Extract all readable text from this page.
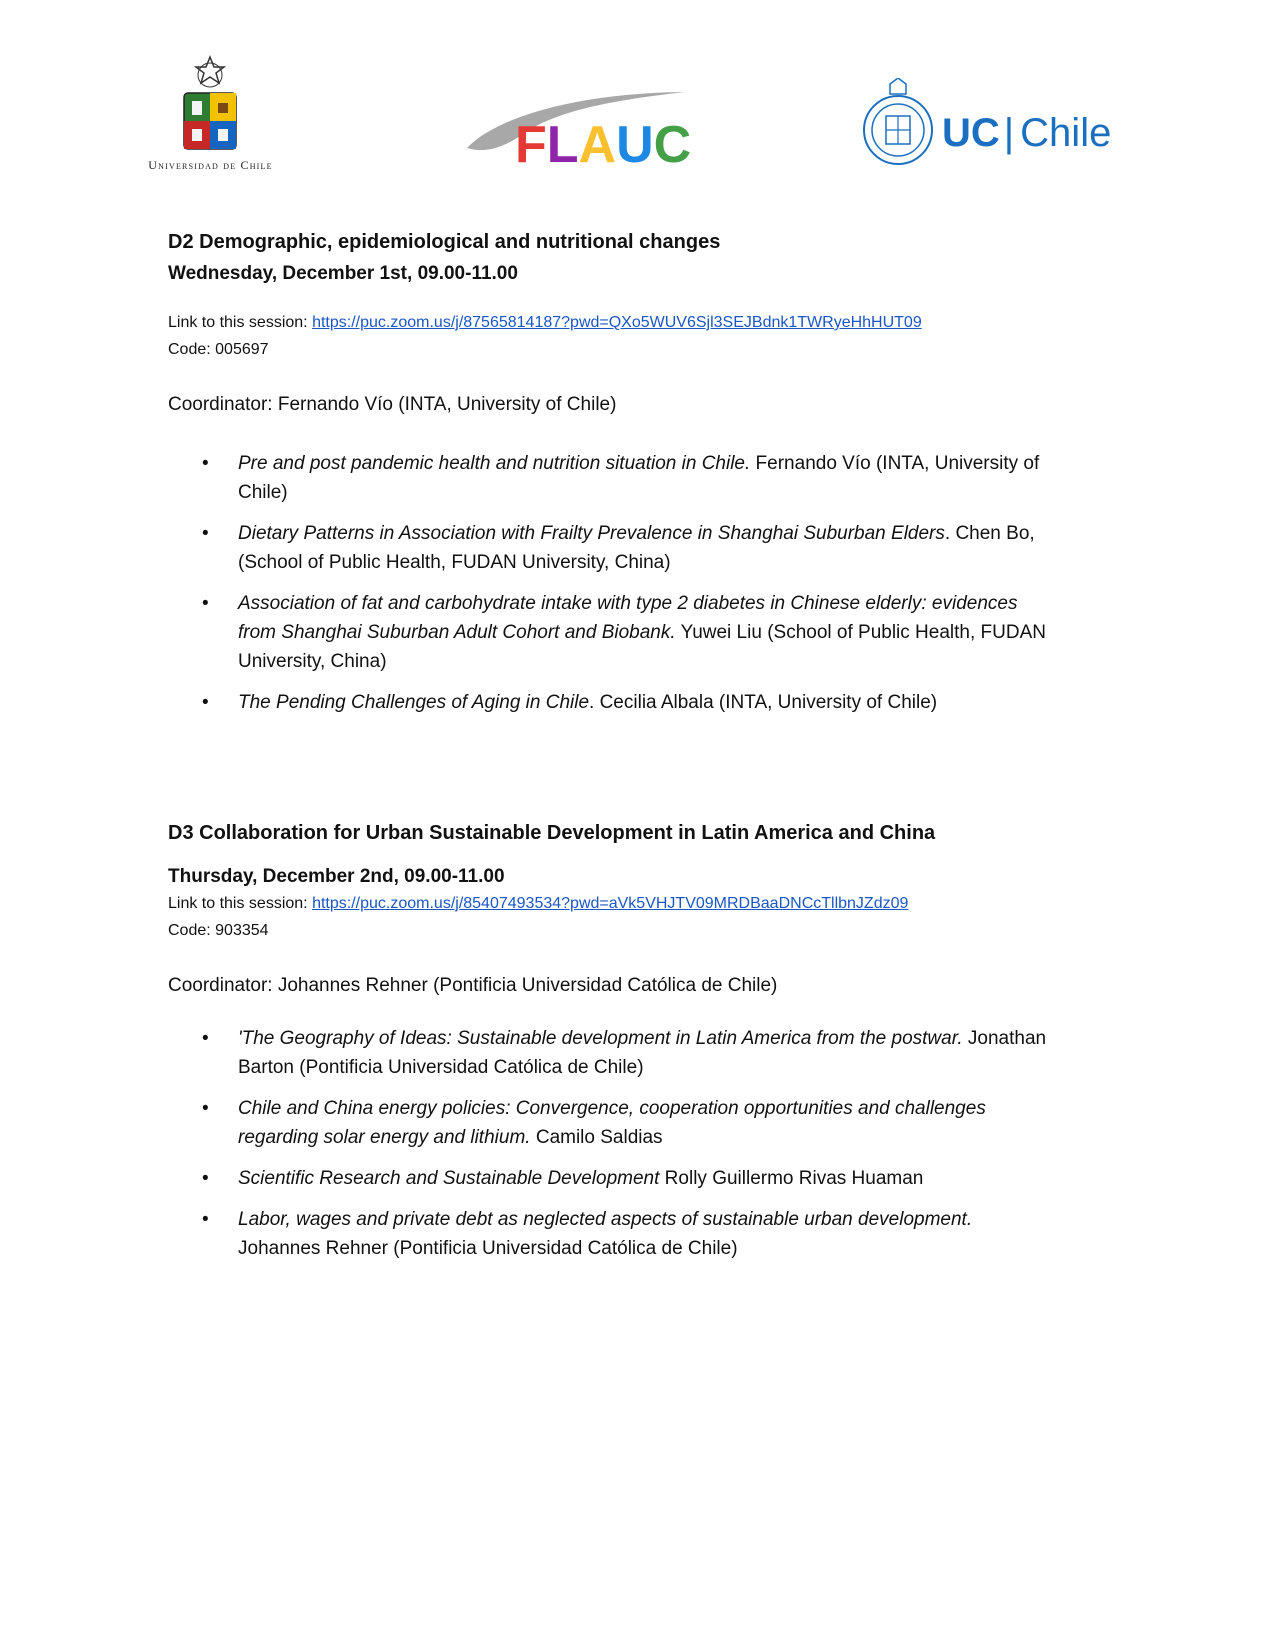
Universidad de Chile	FLAUC	UC | Chile

D2 Demographic, epidemiological and nutritional changes

Wednesday, December 1st, 09.00-11.00

Link to this session: https://puc.zoom.us/j/87565814187?pwd=QXo5WUV6Sjl3SEJBdnk1TWRyeHhHUT09

Code: 005697

Coordinator: Fernando Vío (INTA, University of Chile)

• Pre and post pandemic health and nutrition situation in Chile. Fernando Vío (INTA, University of Chile)
• Dietary Patterns in Association with Frailty Prevalence in Shanghai Suburban Elders. Chen Bo, (School of Public Health, FUDAN University, China)
• Association of fat and carbohydrate intake with type 2 diabetes in Chinese elderly: evidences from Shanghai Suburban Adult Cohort and Biobank. Yuwei Liu (School of Public Health, FUDAN University, China)
• The Pending Challenges of Aging in Chile. Cecilia Albala (INTA, University of Chile)

D3 Collaboration for Urban Sustainable Development in Latin America and China

Thursday, December 2nd, 09.00-11.00

Link to this session: https://puc.zoom.us/j/85407493534?pwd=aVk5VHJTV09MRDBaaDNCcTllbnJZdz09

Code: 903354

Coordinator: Johannes Rehner (Pontificia Universidad Católica de Chile)

• 'The Geography of Ideas: Sustainable development in Latin America from the postwar. Jonathan Barton (Pontificia Universidad Católica de Chile)
• Chile and China energy policies: Convergence, cooperation opportunities and challenges regarding solar energy and lithium. Camilo Saldias
• Scientific Research and Sustainable Development Rolly Guillermo Rivas Huaman
• Labor, wages and private debt as neglected aspects of sustainable urban development. Johannes Rehner (Pontificia Universidad Católica de Chile)
